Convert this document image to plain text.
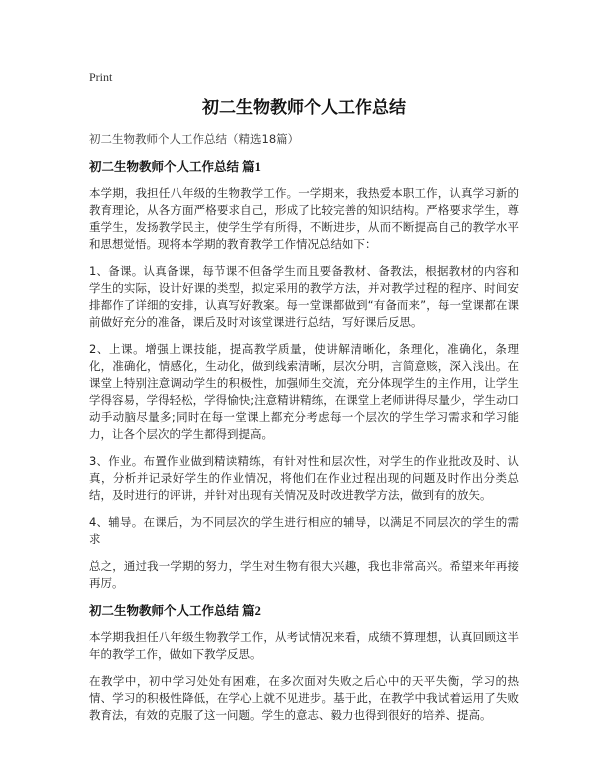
Print
初二生物教师个人工作总结

初二生物教师个人工作总结（精选18篇）

初二生物教师个人工作总结 篇1

本学期，我担任八年级的生物教学工作。一学期来，我热爱本职工作，认真学习新的教育理论，从各方面严格要求自己，形成了比较完善的知识结构。严格要求学生，尊重学生，发扬教学民主，使学生学有所得，不断进步，从而不断提高自己的教学水平和思想觉悟。现将本学期的教育教学工作情况总结如下：

1、备课。认真备课，每节课不但备学生而且要备教材、备教法，根据教材的内容和学生的实际，设计好课的类型，拟定采用的教学方法，并对教学过程的程序、时间安排都作了详细的安排，认真写好教案。每一堂课都做到“有备而来”，每一堂课都在课前做好充分的准备，课后及时对该堂课进行总结，写好课后反思。

2、上课。增强上课技能，提高教学质量，使讲解清晰化，条理化，准确化，条理化，准确化，情感化，生动化，做到线索清晰，层次分明，言简意赅，深入浅出。在课堂上特别注意调动学生的积极性，加强师生交流，充分体现学生的主作用，让学生学得容易，学得轻松，学得愉快;注意精讲精练，在课堂上老师讲得尽量少，学生动口动手动脑尽量多;同时在每一堂课上都充分考虑每一个层次的学生学习需求和学习能力，让各个层次的学生都得到提高。

3、作业。布置作业做到精读精练，有针对性和层次性，对学生的作业批改及时、认真，分析并记录好学生的作业情况，将他们在作业过程出现的问题及时作出分类总结，及时进行的评讲，并针对出现有关情况及时改进教学方法，做到有的放矢。

4、辅导。在课后，为不同层次的学生进行相应的辅导，以满足不同层次的学生的需求

总之，通过我一学期的努力，学生对生物有很大兴趣，我也非常高兴。希望来年再接再厉。

初二生物教师个人工作总结 篇2

本学期我担任八年级生物教学工作，从考试情况来看，成绩不算理想，认真回顾这半年的教学工作，做如下教学反思。

在教学中，初中学习处处有困难，在多次面对失败之后心中的天平失衡，学习的热情、学习的积极性降低，在学心上就不见进步。基于此，在教学中我试着运用了失败教育法，有效的克服了这一问题。学生的意志、毅力也得到很好的培养、提高。
